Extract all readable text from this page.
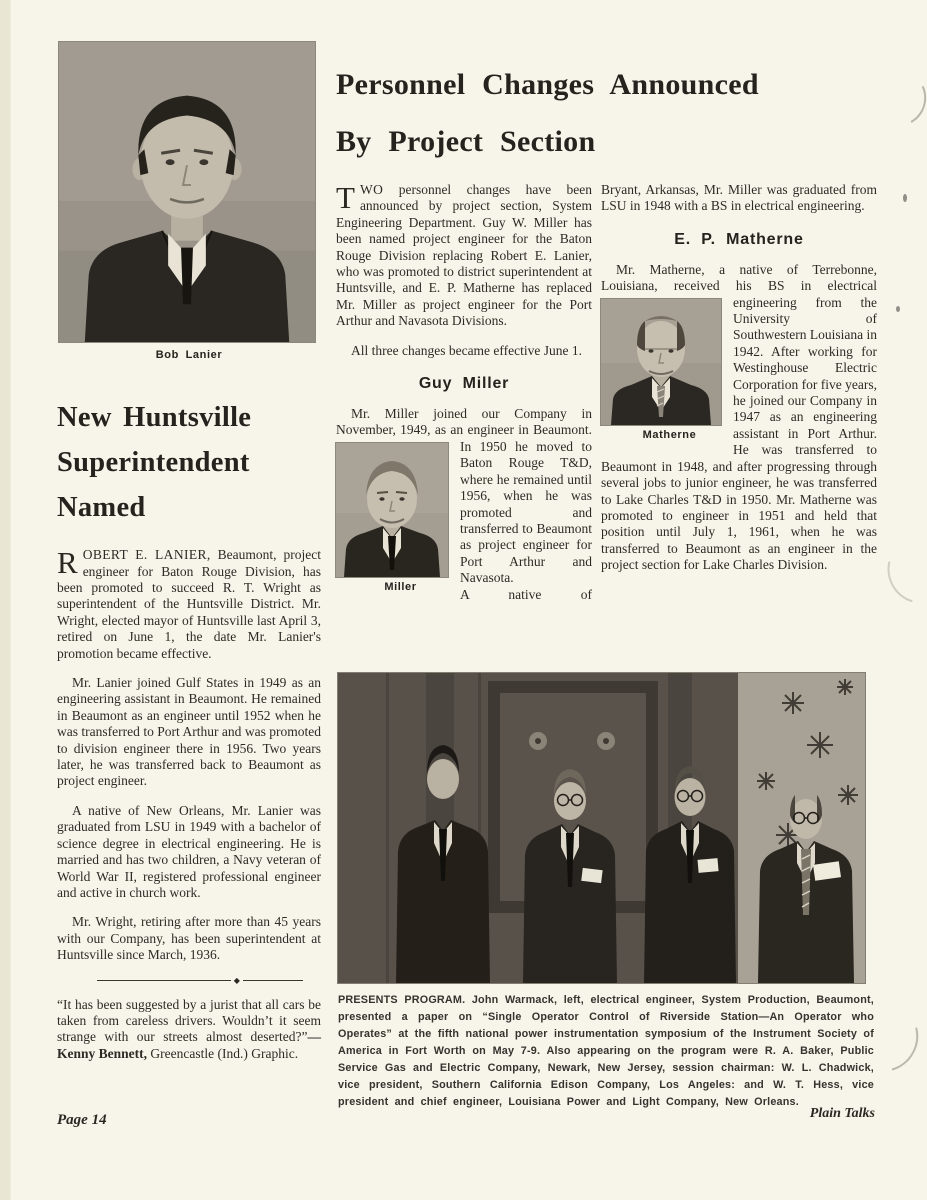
Bob Lanier
New Huntsville
Superintendent
Named

ROBERT E. LANIER, Beaumont, project engineer for Baton Rouge Division, has been promoted to succeed R. T. Wright as superintendent of the Huntsville District. Mr. Wright, elected mayor of Huntsville last April 3, retired on June 1, the date Mr. Lanier's promotion became effective.

Mr. Lanier joined Gulf States in 1949 as an engineering assistant in Beaumont. He remained in Beaumont as an engineer until 1952 when he was transferred to Port Arthur and was promoted to division engineer there in 1956. Two years later, he was transferred back to Beaumont as project engineer.

A native of New Orleans, Mr. Lanier was graduated from LSU in 1949 with a bachelor of science degree in electrical engineering. He is married and has two children, a Navy veteran of World War II, registered professional engineer and active in church work.

Mr. Wright, retiring after more than 45 years with our Company, has been superintendent at Huntsville since March, 1936.

◆

“It has been suggested by a jurist that all cars be taken from careless drivers. Wouldn’t it seem strange with our streets almost deserted?”—Kenny Bennett, Greencastle (Ind.) Graphic.

Personnel Changes Announced
By Project Section

TWO personnel changes have been announced by project section, System Engineering Department. Guy W. Miller has been named project engineer for the Baton Rouge Division replacing Robert E. Lanier, who was promoted to district superintendent at Huntsville, and E. P. Matherne has replaced Mr. Miller as project engineer for the Port Arthur and Navasota Divisions.

All three changes became effective June 1.

Guy Miller

Mr. Miller joined our Company in November, 1949, as an engineer in Beaumont.
Miller
In 1950 he moved to Baton Rouge T&D, where he remained until 1956, when he was promoted and transferred to Beaumont as project engineer for Port Arthur and Navasota.
A native of

Bryant, Arkansas, Mr. Miller was graduated from LSU in 1948 with a BS in electrical engineering.

E. P. Matherne

Mr. Matherne, a native of Terrebonne, Louisiana, received his BS in electrical
Matherne
engineering from the University of Southwestern Louisiana in 1942. After working for Westinghouse Electric Corporation for five years, he joined our Company in 1947 as an engineering assistant in Port Arthur. He was transferred to Beaumont in 1948, and after progressing through several jobs to junior engineer, he was transferred to Lake Charles T&D in 1950. Mr. Matherne was promoted to engineer in 1951 and held that position until July 1, 1961, when he was transferred to Beaumont as an engineer in the project section for Lake Charles Division.

PRESENTS PROGRAM. John Warmack, left, electrical engineer, System Production, Beaumont, presented a paper on “Single Operator Control of Riverside Station—An Operator who Operates” at the fifth national power instrumentation symposium of the Instrument Society of America in Fort Worth on May 7-9. Also appearing on the program were R. A. Baker, Public Service Gas and Electric Company, Newark, New Jersey, session chairman: W. L. Chadwick, vice president, Southern California Edison Company, Los Angeles: and W. T. Hess, vice president and chief engineer, Louisiana Power and Light Company, New Orleans.

Page 14	Plain Talks
